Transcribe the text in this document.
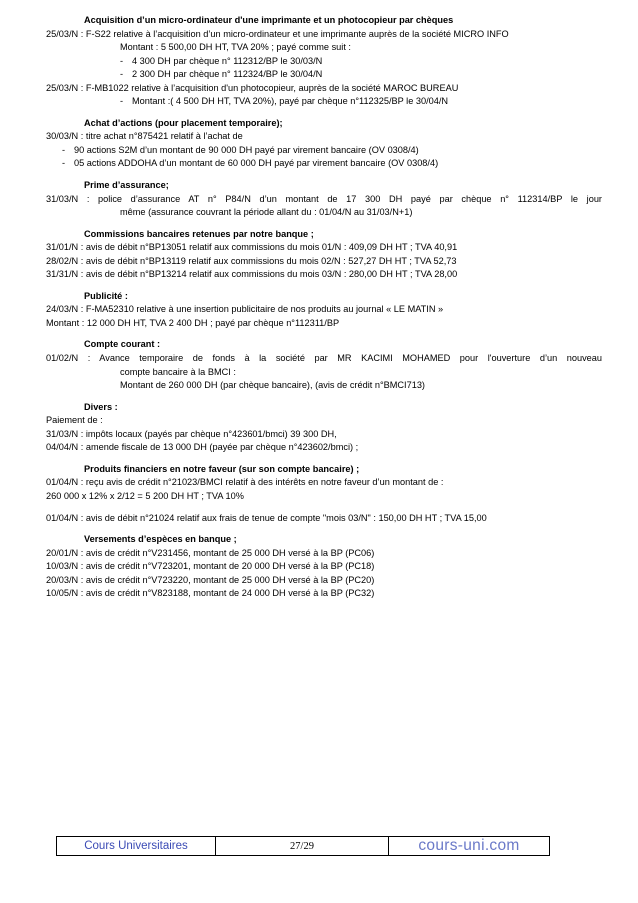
Acquisition d’un micro-ordinateur d'une imprimante et un photocopieur par chèques
25/03/N : F-S22 relative à l’acquisition d’un micro-ordinateur et une imprimante auprès de la société MICRO INFO
Montant : 5 500,00 DH HT, TVA 20% ; payé comme suit :
- 4 300 DH par chèque n° 112312/BP le 30/03/N
- 2 300 DH par chèque n° 112324/BP le 30/04/N
25/03/N : F-MB1022 relative à l’acquisition d'un photocopieur, auprès de la société MAROC BUREAU
- Montant :( 4 500 DH HT, TVA 20%), payé par chèque n°112325/BP le 30/04/N
Achat d’actions (pour placement temporaire);
30/03/N : titre achat n°875421 relatif à l’achat de
- 90 actions S2M d’un montant de 90 000 DH payé par virement bancaire (OV 0308/4)
- 05 actions ADDOHA d’un montant de 60 000 DH payé par virement bancaire (OV 0308/4)
Prime d’assurance;
31/03/N : police d’assurance AT n° P84/N d’un montant de 17 300 DH payé par chèque n° 112314/BP le jour
même (assurance couvrant la période allant du : 01/04/N au 31/03/N+1)
Commissions bancaires retenues par notre banque ;
31/01/N : avis de débit n°BP13051 relatif aux commissions du mois 01/N : 409,09 DH HT ; TVA 40,91
28/02/N : avis de débit n°BP13119 relatif aux commissions du mois 02/N : 527,27 DH HT ; TVA 52,73
31/31/N : avis de débit n°BP13214 relatif aux commissions du mois 03/N : 280,00 DH HT ; TVA 28,00
Publicité :
24/03/N : F-MA52310 relative à une insertion publicitaire de nos produits au journal « LE MATIN »
Montant : 12 000 DH HT, TVA 2 400 DH ; payé par chèque n°112311/BP
Compte courant :
01/02/N : Avance temporaire de fonds à la société par MR KACIMI MOHAMED pour l'ouverture d’un nouveau
compte bancaire à la BMCI :
Montant de 260 000 DH (par chèque bancaire), (avis de crédit n°BMCI713)
Divers :
Paiement de :
31/03/N : impôts locaux (payés par chèque n°423601/bmci) 39 300 DH,
04/04/N : amende fiscale de 13 000 DH (payée par chèque n°423602/bmci) ;
Produits financiers en notre faveur (sur son compte bancaire) ;
01/04/N : reçu avis de crédit n°21023/BMCI relatif à des intérêts en notre faveur d’un montant de :
260 000 x 12% x 2/12 = 5 200 DH HT ; TVA 10%
01/04/N : avis de débit n°21024 relatif aux frais de tenue de compte "mois 03/N" : 150,00 DH HT ; TVA 15,00
Versements d’espèces en banque ;
20/01/N : avis de crédit n°V231456, montant de 25 000 DH versé à la BP (PC06)
10/03/N : avis de crédit n°V723201, montant de 20 000 DH versé à la BP (PC18)
20/03/N : avis de crédit n°V723220, montant de 25 000 DH versé à la BP (PC20)
10/05/N : avis de crédit n°V823188, montant de 24 000 DH versé à la BP (PC32)
Cours Universitaires	27/29	cours-uni.com
